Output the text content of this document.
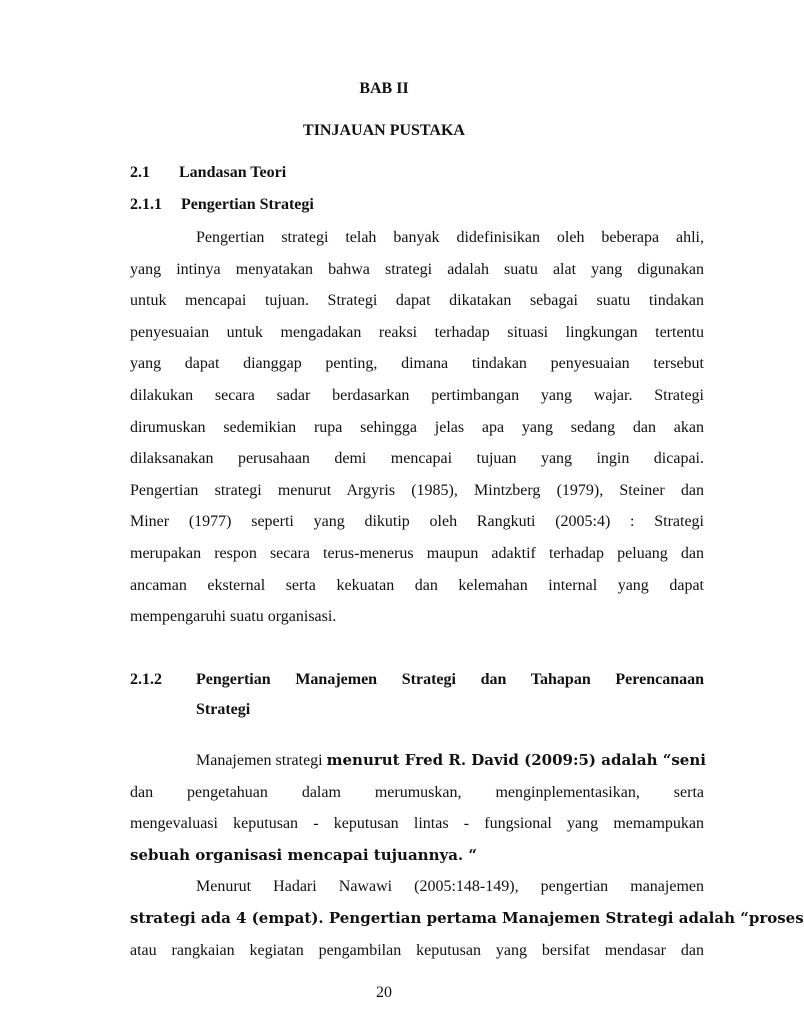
BAB II
TINJAUAN PUSTAKA
2.1 Landasan Teori
2.1.1 Pengertian Strategi
Pengertian strategi telah banyak didefinisikan oleh beberapa ahli,
yang intinya menyatakan bahwa strategi adalah suatu alat yang digunakan
untuk mencapai tujuan. Strategi dapat dikatakan sebagai suatu tindakan
penyesuaian untuk mengadakan reaksi terhadap situasi lingkungan tertentu
yang dapat dianggap penting, dimana tindakan penyesuaian tersebut
dilakukan secara sadar berdasarkan pertimbangan yang wajar. Strategi
dirumuskan sedemikian rupa sehingga jelas apa yang sedang dan akan
dilaksanakan perusahaan demi mencapai tujuan yang ingin dicapai.
Pengertian strategi menurut Argyris (1985), Mintzberg (1979), Steiner dan
Miner (1977) seperti yang dikutip oleh Rangkuti (2005:4) : Strategi
merupakan respon secara terus-menerus maupun adaktif terhadap peluang dan
ancaman eksternal serta kekuatan dan kelemahan internal yang dapat
mempengaruhi suatu organisasi.
2.1.2 Pengertian Manajemen Strategi dan Tahapan Perencanaan
Strategi
Manajemen strategi menurut Fred R. David (2009:5) adalah “seni
dan pengetahuan dalam merumuskan, menginplementasikan, serta
mengevaluasi keputusan - keputusan lintas - fungsional yang memampukan
sebuah organisasi mencapai tujuannya. “
Menurut Hadari Nawawi (2005:148-149), pengertian manajemen
strategi ada 4 (empat). Pengertian pertama Manajemen Strategi adalah “proses
atau rangkaian kegiatan pengambilan keputusan yang bersifat mendasar dan
20
